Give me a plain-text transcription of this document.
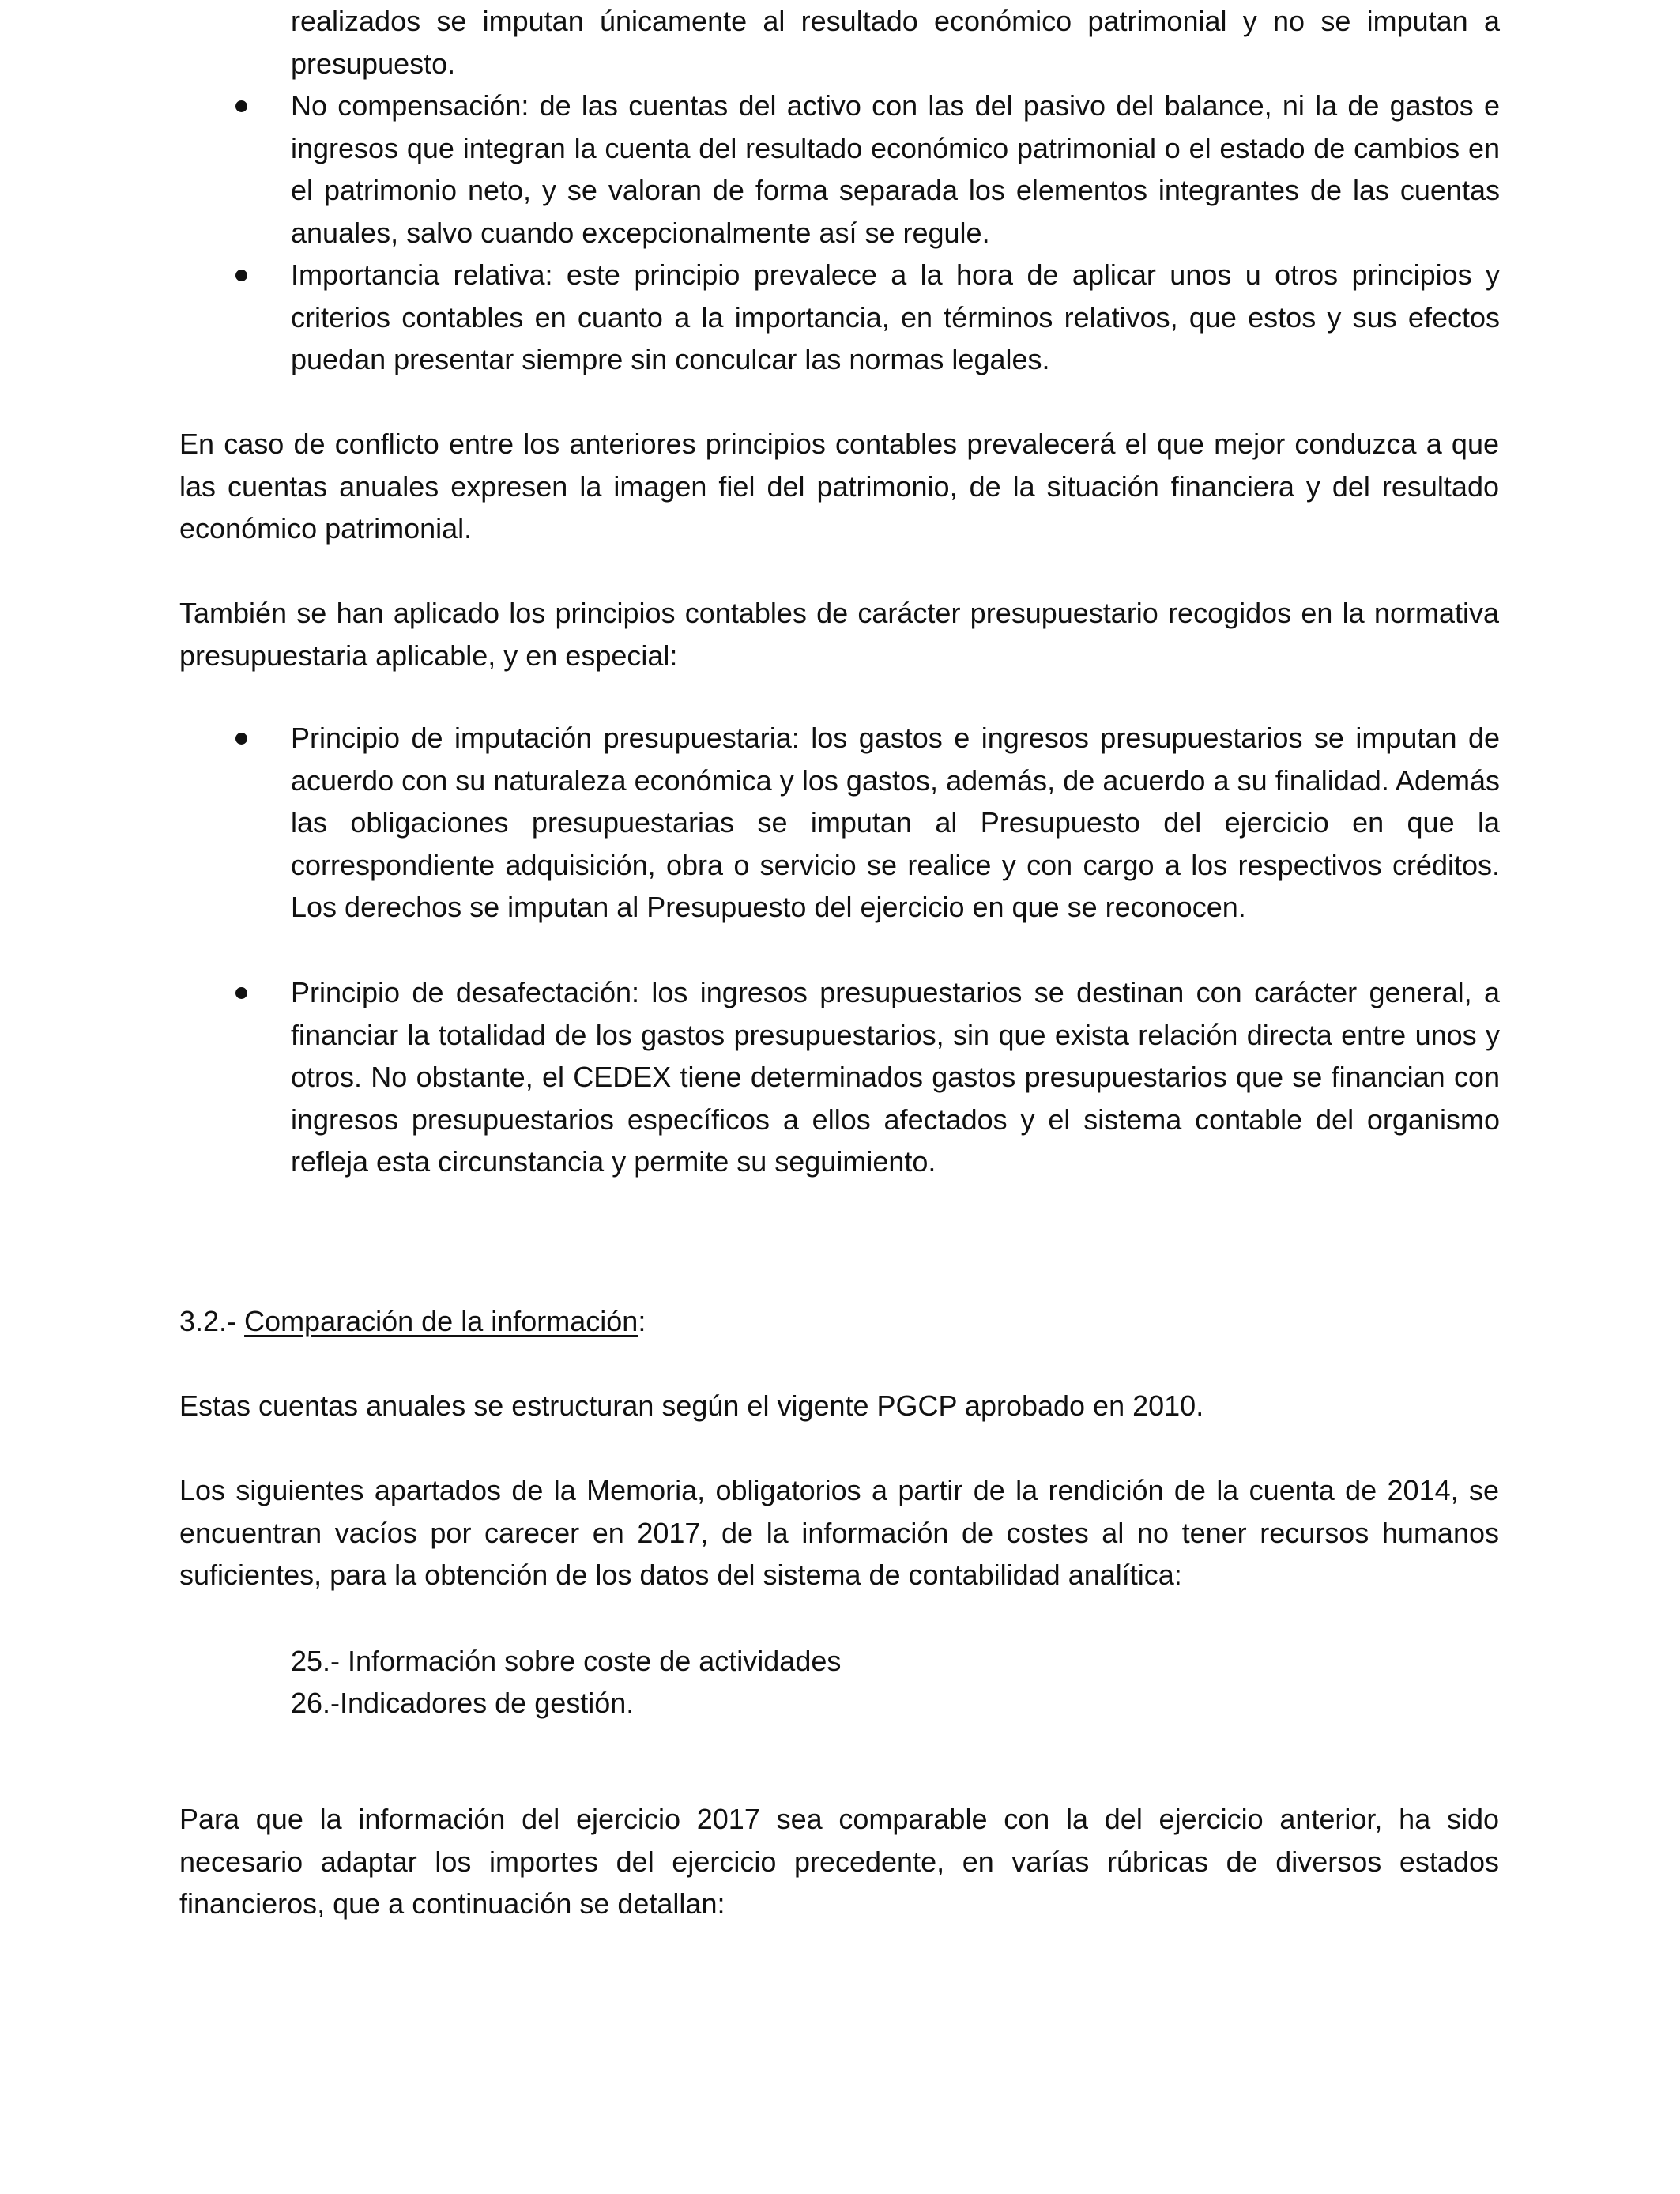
realizados se imputan únicamente al resultado económico patrimonial y no se imputan a presupuesto.
No compensación: de las cuentas del activo con las del pasivo del balance, ni la de gastos e ingresos que integran la cuenta del resultado económico patrimonial o el estado de cambios en el patrimonio neto, y se valoran de forma separada los elementos integrantes de las cuentas anuales, salvo cuando excepcionalmente así se regule.
Importancia relativa: este principio prevalece a la hora de aplicar unos u otros principios y criterios contables en cuanto a la importancia, en términos relativos, que estos y sus efectos puedan presentar siempre sin conculcar las normas legales.
En caso de conflicto entre los anteriores principios contables prevalecerá el que mejor conduzca a que las cuentas anuales expresen la imagen fiel del patrimonio, de la situación financiera y del resultado económico patrimonial.
También se han aplicado los principios contables de carácter presupuestario recogidos en la normativa presupuestaria aplicable, y en especial:
Principio de imputación presupuestaria: los gastos e ingresos presupuestarios se imputan de acuerdo con su naturaleza económica y los gastos, además, de acuerdo a su finalidad. Además las obligaciones presupuestarias se imputan al Presupuesto del ejercicio en que la correspondiente adquisición, obra o servicio se realice y con cargo a los respectivos créditos. Los derechos se imputan al Presupuesto del ejercicio en que se reconocen.
Principio de desafectación: los ingresos presupuestarios se destinan con carácter general, a financiar la totalidad de los gastos presupuestarios, sin que exista relación directa entre unos y otros. No obstante, el CEDEX tiene determinados gastos presupuestarios que se financian con ingresos presupuestarios específicos a ellos afectados y el sistema contable del organismo refleja esta circunstancia y permite su seguimiento.
3.2.- Comparación de la información:
Estas cuentas anuales se estructuran según el vigente PGCP aprobado en 2010.
Los siguientes apartados de la Memoria, obligatorios a partir de la rendición de la cuenta de 2014, se encuentran vacíos por carecer en 2017, de la información de costes al no tener recursos humanos suficientes, para la obtención de los datos del sistema de contabilidad analítica:
25.- Información sobre coste de actividades
26.-Indicadores de gestión.
Para que la información del ejercicio 2017 sea comparable con la del ejercicio anterior, ha sido necesario adaptar los importes del ejercicio precedente, en varías rúbricas de diversos estados financieros, que a continuación se detallan:
